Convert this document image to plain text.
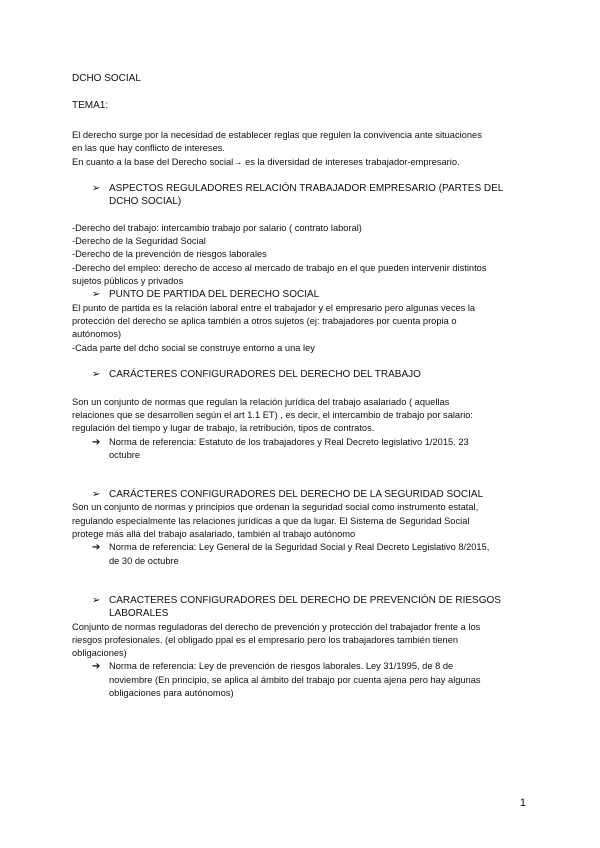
DCHO SOCIAL
TEMA1:
El derecho surge por la necesidad de establecer reglas que regulen la convivencia ante situaciones
en las que hay conflicto de intereses.
En cuanto a la base del Derecho social→ es la diversidad de intereses trabajador-empresario.
➢ ASPECTOS REGULADORES RELACIÓN TRABAJADOR EMPRESARIO (PARTES DEL
DCHO SOCIAL)
-Derecho del trabajo: intercambio trabajo por salario ( contrato laboral)
-Derecho de la Seguridad Social
-Derecho de la prevención de riesgos laborales
-Derecho del empleo: derecho de acceso al mercado de trabajo en el que pueden intervenir distintos
sujetos públicos y privados
➢ PUNTO DE PARTIDA DEL DERECHO SOCIAL
El punto de partida es la relación laboral entre el trabajador y el empresario pero algunas veces la
protección del derecho se aplica también a otros sujetos (ej: trabajadores por cuenta propia o
autónomos)
-Cada parte del dcho social se construye entorno a una ley
➢ CARÁCTERES CONFIGURADORES DEL DERECHO DEL TRABAJO
Son un conjunto de normas que regulan la relación jurídica del trabajo asalariado ( aquellas
relaciones que se desarrollen según el art 1.1 ET) , es decir, el intercambio de trabajo por salario:
regulación del tiempo y lugar de trabajo, la retribución, tipos de contratos.
➔ Norma de referencia: Estatuto de los trabajadores y Real Decreto legislativo 1/2015. 23
octubre
➢ CARÁCTERES CONFIGURADORES DEL DERECHO DE LA SEGURIDAD SOCIAL
Son un conjunto de normas y principios que ordenan la seguridad social como instrumento estatal,
regulando especialmente las relaciones jurídicas a que da lugar. El Sistema de Seguridad Social
protege más allá del trabajo asalariado, también al trabajo autónomo
➔ Norma de referencia: Ley General de la Seguridad Social y Real Decreto Legislativo 8/2015,
de 30 de octubre
➢ CARACTERES CONFIGURADORES DEL DERECHO DE PREVENCIÓN DE RIESGOS
LABORALES
Conjunto de normas reguladoras del derecho de prevención y protección del trabajador frente a los
riesgos profesionales. (el obligado ppal es el empresario pero los trabajadores también tienen
obligaciones)
➔ Norma de referencia: Ley de prevención de riesgos laborales. Ley 31/1995, de 8 de
noviembre (En principio, se aplica al ámbito del trabajo por cuenta ajena pero hay algunas
obligaciones para autónomos)
1
